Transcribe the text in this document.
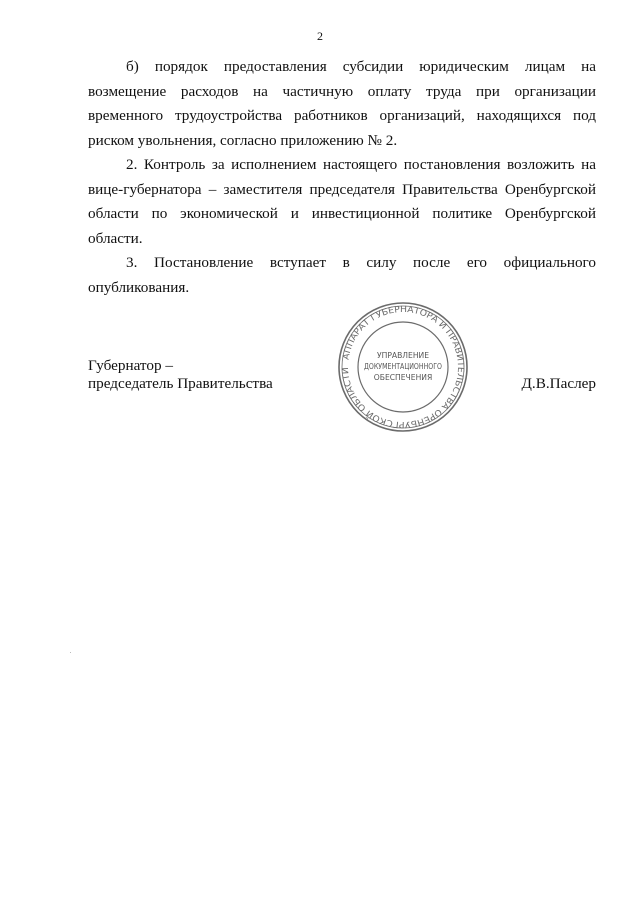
2

б) порядок предоставления субсидии юридическим лицам на возмещение расходов на частичную оплату труда при организации временного трудоустройства работников организаций, находящихся под риском увольнения, согласно приложению № 2.

2. Контроль за исполнением настоящего постановления возложить на вице-губернатора – заместителя председателя Правительства Оренбургской области по экономической и инвестиционной политике Оренбургской области.

3. Постановление вступает в силу после его официального опубликования.

Губернатор –
председатель Правительства	Д.В.Паслер
АППАРАТ ГУБЕРНАТОРА И ПРАВИТЕЛЬСТВА ОРЕНБУРГСКОЙ ОБЛАСТИ
УПРАВЛЕНИЕ
ДОКУМЕНТАЦИОННОГО
ОБЕСПЕЧЕНИЯ
